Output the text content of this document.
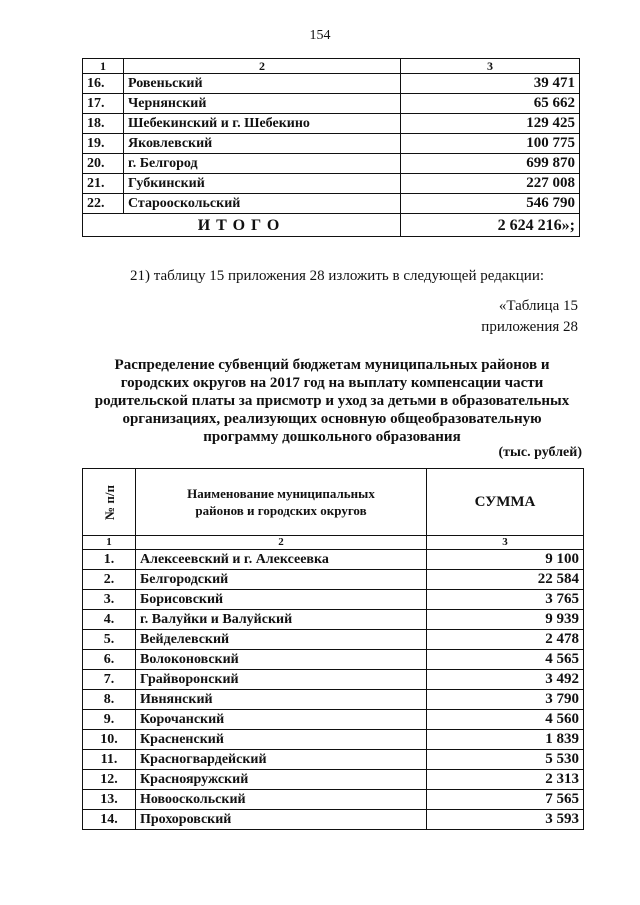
154
1	2	3
16.	Ровеньский	39 471
17.	Чернянский	65 662
18.	Шебекинский и г. Шебекино	129 425
19.	Яковлевский	100 775
20.	г. Белгород	699 870
21.	Губкинский	227 008
22.	Старооскольский	546 790
ИТОГО		2 624 216»;
21) таблицу 15 приложения 28 изложить в следующей редакции:
«Таблица 15
приложения 28
Распределение субвенций бюджетам муниципальных районов и
городских округов на 2017 год на выплату компенсации части
родительской платы за присмотр и уход за детьми в образовательных
организациях, реализующих основную общеобразовательную
программу дошкольного образования
(тыс. рублей)
№ п/п	Наименование муниципальных
районов и городских округов	СУММА
1	2	3
1.	Алексеевский и г. Алексеевка	9 100
2.	Белгородский	22 584
3.	Борисовский	3 765
4.	г. Валуйки и Валуйский	9 939
5.	Вейделевский	2 478
6.	Волоконовский	4 565
7.	Грайворонский	3 492
8.	Ивнянский	3 790
9.	Корочанский	4 560
10.	Красненский	1 839
11.	Красногвардейский	5 530
12.	Краснояружский	2 313
13.	Новооскольский	7 565
14.	Прохоровский	3 593
